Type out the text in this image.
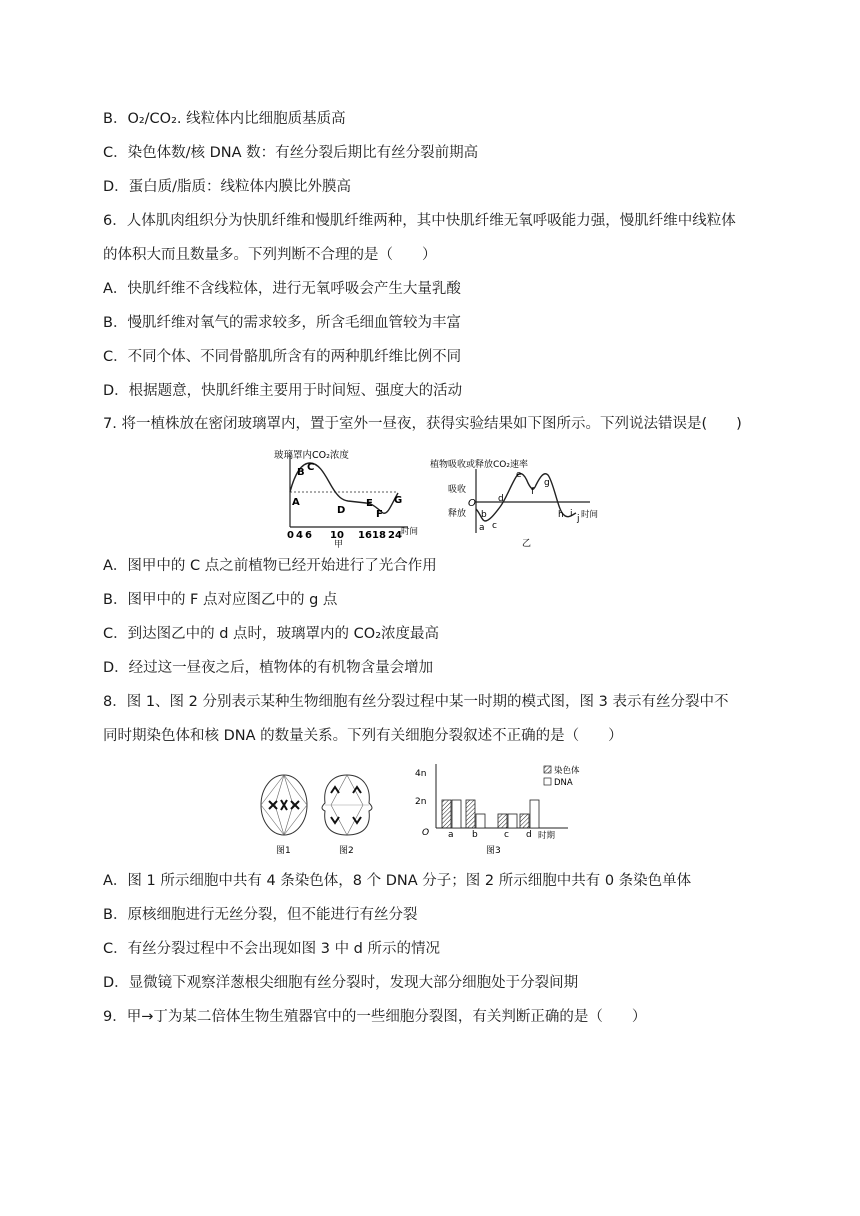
B．O₂/CO₂. 线粒体内比细胞质基质高
C．染色体数/核 DNA 数：有丝分裂后期比有丝分裂前期高
D．蛋白质/脂质：线粒体内膜比外膜高
6．人体肌肉组织分为快肌纤维和慢肌纤维两种，其中快肌纤维无氧呼吸能力强，慢肌纤维中线粒体
的体积大而且数量多。下列判断不合理的是（　　）
A．快肌纤维不含线粒体，进行无氧呼吸会产生大量乳酸
B．慢肌纤维对氧气的需求较多，所含毛细血管较为丰富
C．不同个体、不同骨骼肌所含有的两种肌纤维比例不同
D．根据题意，快肌纤维主要用于时间短、强度大的活动
7. 将一植株放在密闭玻璃罩内，置于室外一昼夜，获得实验结果如下图所示。下列说法错误是(　　)
玻璃罩内CO₂浓度
A
B C
D
E
F
G
0 4 6 10 16 18 24 时间
甲
植物吸收或释放CO₂速率
吸收
释放
O
a
b
c
d
e
f
g
h i j 时间
乙
A．图甲中的 C 点之前植物已经开始进行了光合作用
B．图甲中的 F 点对应图乙中的 g 点
C．到达图乙中的 d 点时，玻璃罩内的 CO₂浓度最高
D．经过这一昼夜之后，植物体的有机物含量会增加
8．图 1、图 2 分别表示某种生物细胞有丝分裂过程中某一时期的模式图，图 3 表示有丝分裂中不
同时期染色体和核 DNA 的数量关系。下列有关细胞分裂叙述不正确的是（　　）
图1	图2
4n
2n
O a b	c d 时期
染色体
DNA
图3
A．图 1 所示细胞中共有 4 条染色体，8 个 DNA 分子；图 2 所示细胞中共有 0 条染色单体
B．原核细胞进行无丝分裂，但不能进行有丝分裂
C．有丝分裂过程中不会出现如图 3 中 d 所示的情况
D．显微镜下观察洋葱根尖细胞有丝分裂时，发现大部分细胞处于分裂间期
9．甲→丁为某二倍体生物生殖器官中的一些细胞分裂图，有关判断正确的是（　　）
